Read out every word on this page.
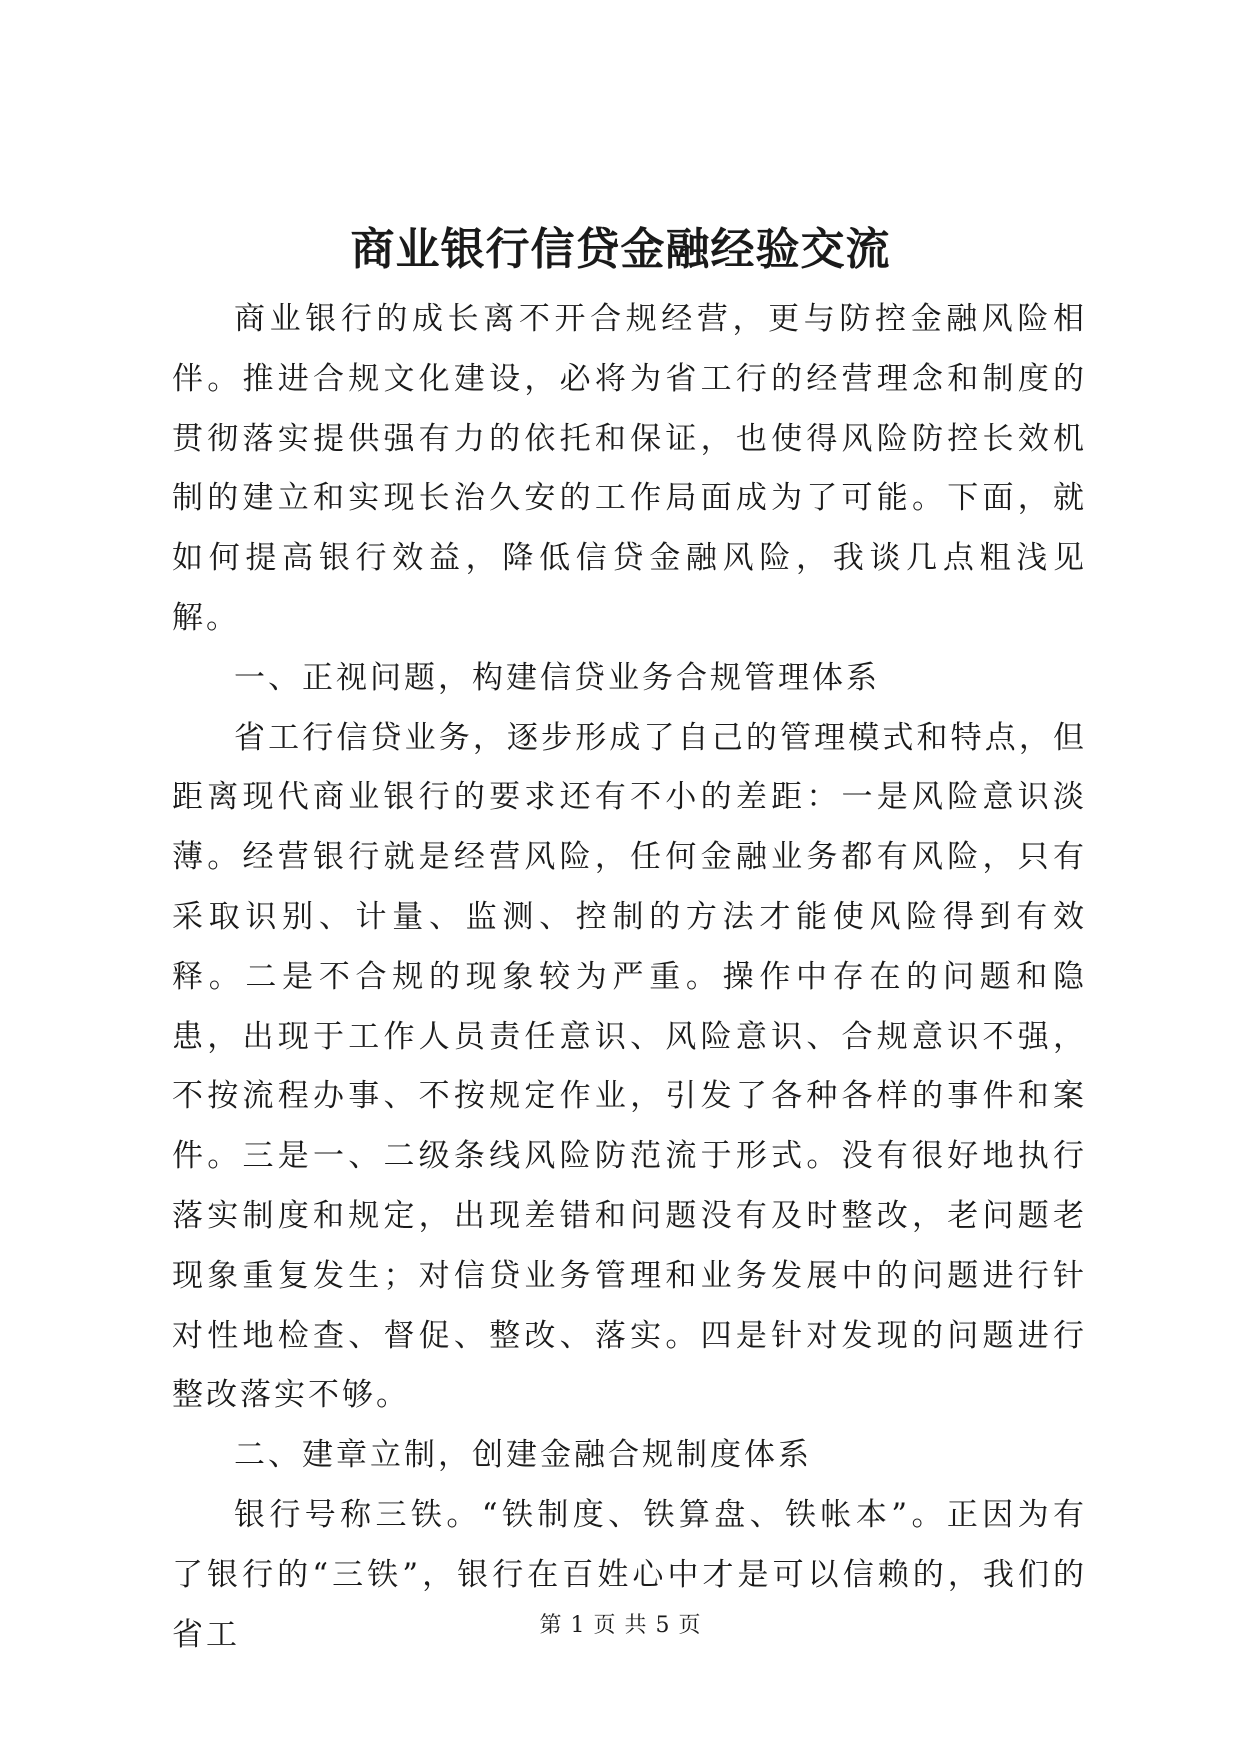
商业银行信贷金融经验交流

商业银行的成长离不开合规经营，更与防控金融风险相伴。推进合规文化建设，必将为省工行的经营理念和制度的贯彻落实提供强有力的依托和保证，也使得风险防控长效机制的建立和实现长治久安的工作局面成为了可能。下面，就如何提高银行效益，降低信贷金融风险，我谈几点粗浅见解。

一、正视问题，构建信贷业务合规管理体系

省工行信贷业务，逐步形成了自己的管理模式和特点，但距离现代商业银行的要求还有不小的差距：一是风险意识淡薄。经营银行就是经营风险，任何金融业务都有风险，只有采取识别、计量、监测、控制的方法才能使风险得到有效释。二是不合规的现象较为严重。操作中存在的问题和隐患，出现于工作人员责任意识、风险意识、合规意识不强，不按流程办事、不按规定作业，引发了各种各样的事件和案件。三是一、二级条线风险防范流于形式。没有很好地执行落实制度和规定，出现差错和问题没有及时整改，老问题老现象重复发生；对信贷业务管理和业务发展中的问题进行针对性地检查、督促、整改、落实。四是针对发现的问题进行整改落实不够。

二、建章立制，创建金融合规制度体系

银行号称三铁。“铁制度、铁算盘、铁帐本”。正因为有了银行的“三铁”，银行在百姓心中才是可以信赖的，我们的省工	第 1 页 共 5 页
